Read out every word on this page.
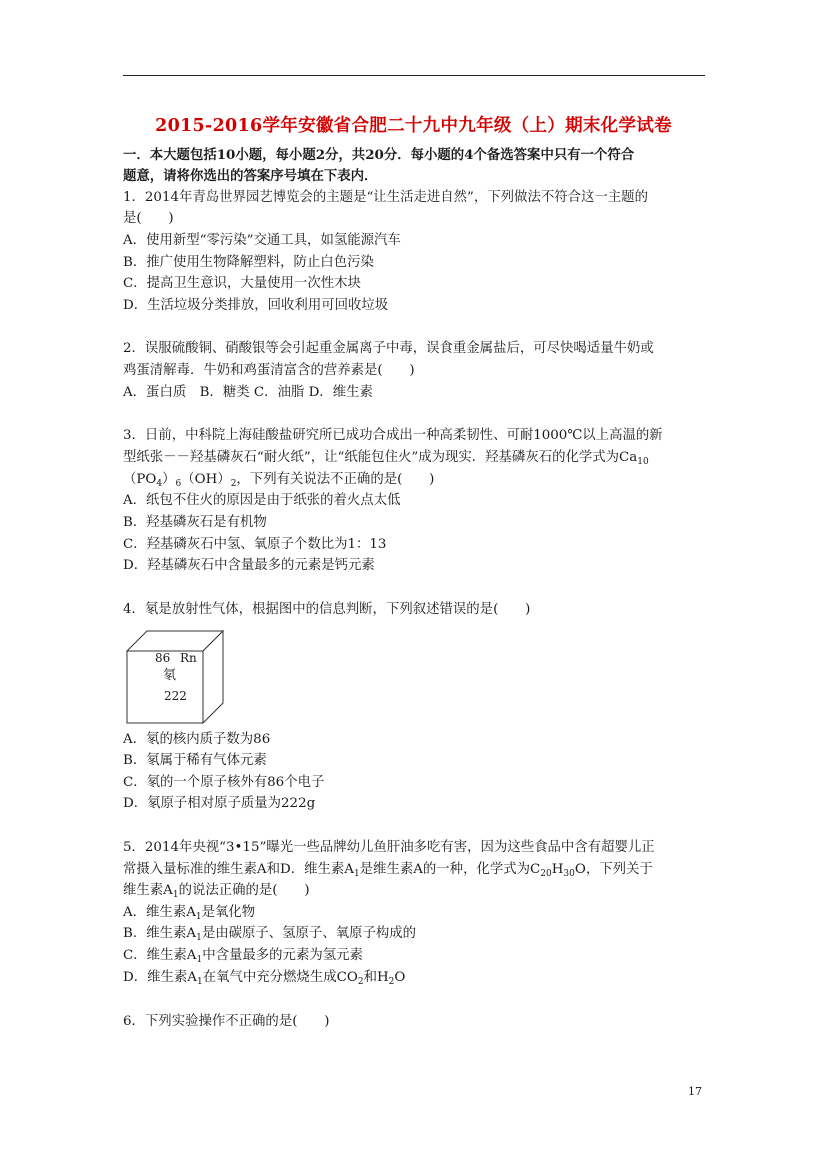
2015-2016学年安徽省合肥二十九中九年级（上）期末化学试卷
一．本大题包括10小题，每小题2分，共20分．每小题的4个备选答案中只有一个符合
题意，请将你选出的答案序号填在下表内．
1．2014年青岛世界园艺博览会的主题是“让生活走进自然”，下列做法不符合这一主题的
是(　　)
A．使用新型“零污染”交通工具，如氢能源汽车
B．推广使用生物降解塑料，防止白色污染
C．提高卫生意识，大量使用一次性木块
D．生活垃圾分类排放，回收利用可回收垃圾
2．误服硫酸铜、硝酸银等会引起重金属离子中毒，误食重金属盐后，可尽快喝适量牛奶或
鸡蛋清解毒．牛奶和鸡蛋清富含的营养素是(　　)
A．蛋白质　B．糖类 C．油脂 D．维生素
3．日前，中科院上海硅酸盐研究所已成功合成出一种高柔韧性、可耐1000℃以上高温的新
型纸张－－羟基磷灰石“耐火纸”，让“纸能包住火”成为现实．羟基磷灰石的化学式为$Ca_{10}$
$(PO_4)_6(OH)_2$，下列有关说法不正确的是(　　)
A．纸包不住火的原因是由于纸张的着火点太低
B．羟基磷灰石是有机物
C．羟基磷灰石中氢、氧原子个数比为1：13
D．羟基磷灰石中含量最多的元素是钙元素
4．氡是放射性气体，根据图中的信息判断，下列叙述错误的是(　　)
86 Rn
氡
222
A．氡的核内质子数为86
B．氡属于稀有气体元素
C．氡的一个原子核外有86个电子
D．氡原子相对原子质量为222g
5．2014年央视“3•15”曝光一些品牌幼儿鱼肝油多吃有害，因为这些食品中含有超婴儿正
常摄入量标准的维生素A和D．维生素$A_1$是维生素A的一种，化学式为$C_{20}H_{30}O$，下列关于
维生素$A_1$的说法正确的是(　　)
A．维生素$A_1$是氧化物
B．维生素$A_1$是由碳原子、氢原子、氧原子构成的
C．维生素$A_1$中含量最多的元素为氢元素
D．维生素$A_1$在氧气中充分燃烧生成$CO_2$和$H_2O$
6．下列实验操作不正确的是(　　)
17
